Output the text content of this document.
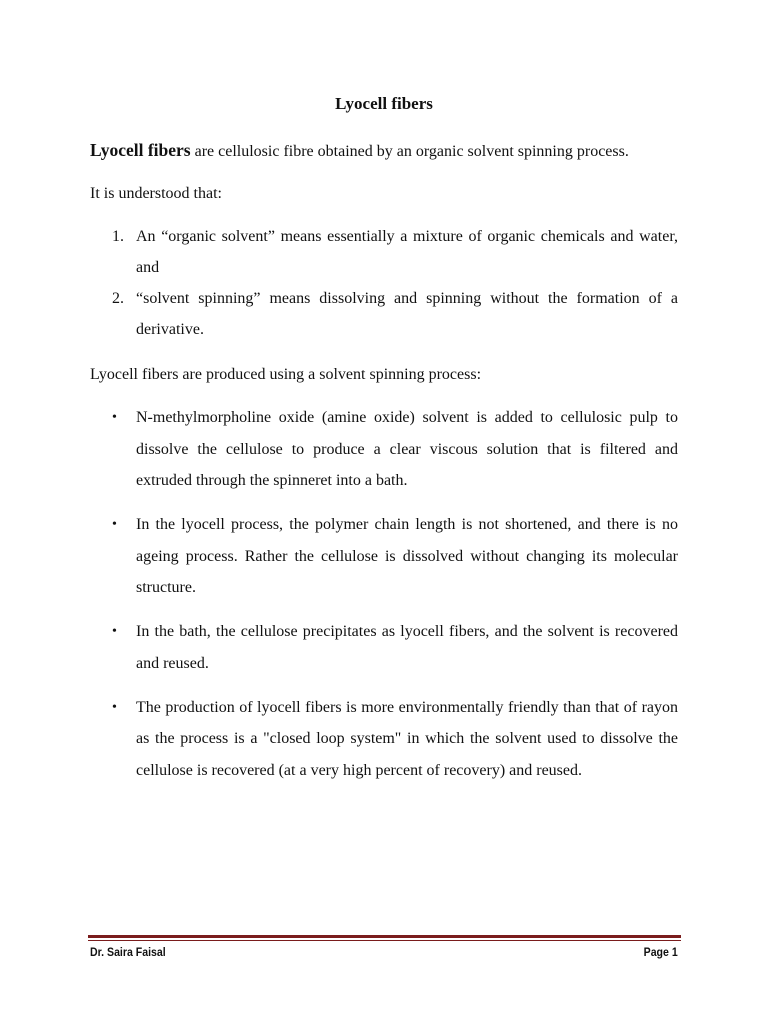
Lyocell fibers
Lyocell fibers are cellulosic fibre obtained by an organic solvent spinning process.
It is understood that:
1. An “organic solvent” means essentially a mixture of organic chemicals and water, and
2. “solvent spinning” means dissolving and spinning without the formation of a derivative.
Lyocell fibers are produced using a solvent spinning process:
• N-methylmorpholine oxide (amine oxide) solvent is added to cellulosic pulp to dissolve the cellulose to produce a clear viscous solution that is filtered and extruded through the spinneret into a bath.
• In the lyocell process, the polymer chain length is not shortened, and there is no ageing process. Rather the cellulose is dissolved without changing its molecular structure.
• In the bath, the cellulose precipitates as lyocell fibers, and the solvent is recovered and reused.
• The production of lyocell fibers is more environmentally friendly than that of rayon as the process is a "closed loop system" in which the solvent used to dissolve the cellulose is recovered (at a very high percent of recovery) and reused.
Dr. Saira Faisal	Page 1
